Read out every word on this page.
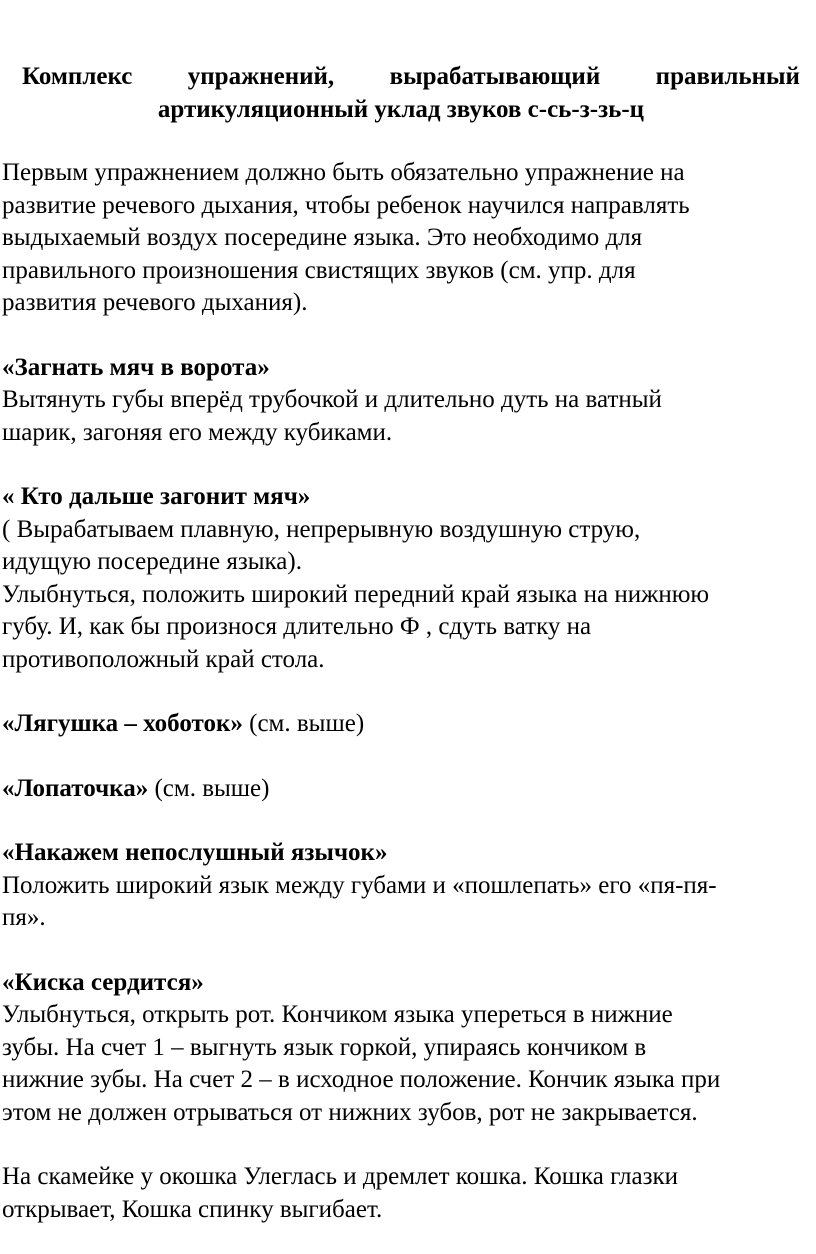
Комплекс упражнений, вырабатывающий правильный
артикуляционный уклад звуков с-сь-з-зь-ц

Первым упражнением должно быть обязательно упражнение на

развитие речевого дыхания, чтобы ребенок научился направлять

выдыхаемый воздух посередине языка. Это необходимо для

правильного произношения свистящих звуков (см. упр. для

развития речевого дыхания).

«Загнать мяч в ворота»

Вытянуть губы вперёд трубочкой и длительно дуть на ватный

шарик, загоняя его между кубиками.

« Кто дальше загонит мяч»

( Вырабатываем плавную, непрерывную воздушную струю,

идущую посередине языка).

Улыбнуться, положить широкий передний край языка на нижнюю

губу. И, как бы произнося длительно Ф , сдуть ватку на

противоположный край стола.

«Лягушка – хоботок» (см. выше)

«Лопаточка» (см. выше)

«Накажем непослушный язычок»

Положить широкий язык между губами и «пошлепать» его «пя-пя-

пя».

«Киска сердится»

Улыбнуться, открыть рот. Кончиком языка упереться в нижние

зубы. На счет 1 – выгнуть язык горкой, упираясь кончиком в

нижние зубы. На счет 2 – в исходное положение. Кончик языка при

этом не должен отрываться от нижних зубов, рот не закрывается.

На скамейке у окошка Улеглась и дремлет кошка. Кошка глазки

открывает, Кошка спинку выгибает.
